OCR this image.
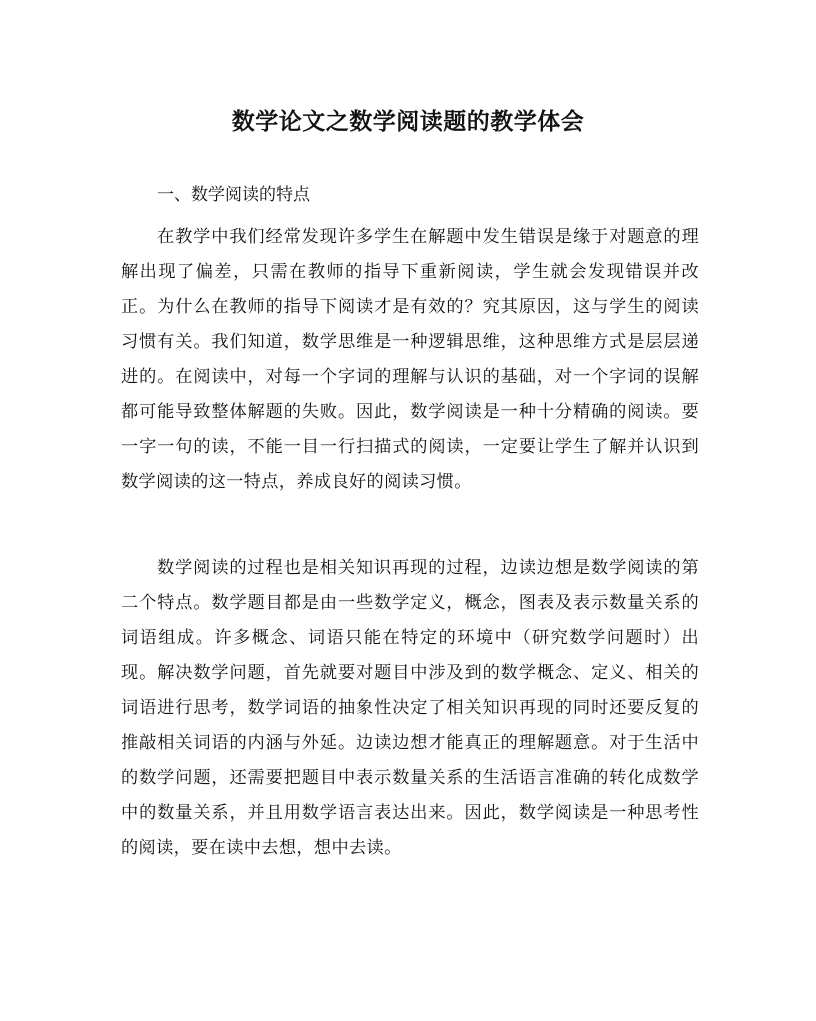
数学论文之数学阅读题的教学体会
一、数学阅读的特点

在教学中我们经常发现许多学生在解题中发生错误是缘于对题意的理解出现了偏差，只需在教师的指导下重新阅读，学生就会发现错误并改正。为什么在教师的指导下阅读才是有效的？究其原因，这与学生的阅读习惯有关。我们知道，数学思维是一种逻辑思维，这种思维方式是层层递进的。在阅读中，对每一个字词的理解与认识的基础，对一个字词的误解都可能导致整体解题的失败。因此，数学阅读是一种十分精确的阅读。要一字一句的读，不能一目一行扫描式的阅读，一定要让学生了解并认识到数学阅读的这一特点，养成良好的阅读习惯。

数学阅读的过程也是相关知识再现的过程，边读边想是数学阅读的第二个特点。数学题目都是由一些数学定义，概念，图表及表示数量关系的词语组成。许多概念、词语只能在特定的环境中（研究数学问题时）出现。解决数学问题，首先就要对题目中涉及到的数学概念、定义、相关的词语进行思考，数学词语的抽象性决定了相关知识再现的同时还要反复的推敲相关词语的内涵与外延。边读边想才能真正的理解题意。对于生活中的数学问题，还需要把题目中表示数量关系的生活语言准确的转化成数学中的数量关系，并且用数学语言表达出来。因此，数学阅读是一种思考性的阅读，要在读中去想，想中去读。
